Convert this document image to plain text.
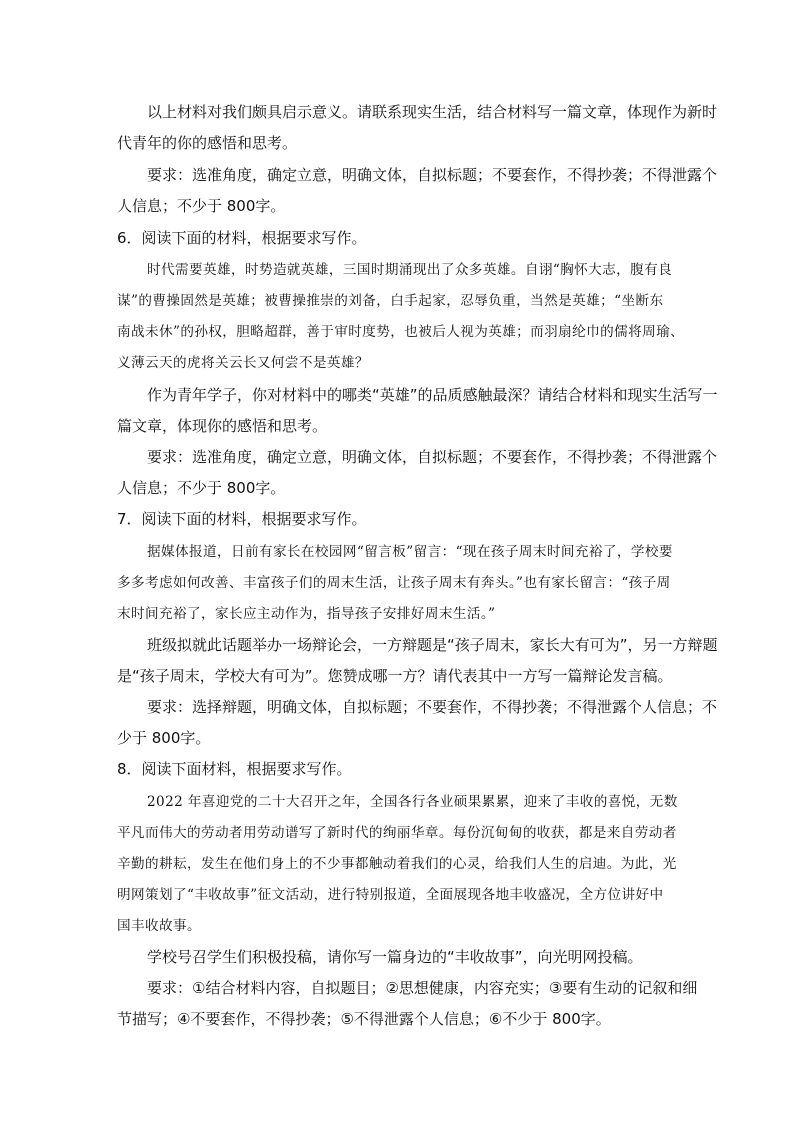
以上材料对我们颇具启示意义。请联系现实生活，结合材料写一篇文章，体现作为新时
代青年的你的感悟和思考。
要求：选准角度，确定立意，明确文体，自拟标题；不要套作，不得抄袭；不得泄露个
人信息；不少于 800字。
6．阅读下面的材料，根据要求写作。
时代需要英雄，时势造就英雄，三国时期涌现出了众多英雄。自诩“胸怀大志，腹有良
谋”的曹操固然是英雄；被曹操推崇的刘备，白手起家，忍辱负重，当然是英雄；“坐断东
南战未休”的孙权，胆略超群，善于审时度势，也被后人视为英雄；而羽扇纶巾的儒将周瑜、
义薄云天的虎将关云长又何尝不是英雄？
作为青年学子，你对材料中的哪类“英雄”的品质感触最深？请结合材料和现实生活写一
篇文章，体现你的感悟和思考。
要求：选准角度，确定立意，明确文体，自拟标题；不要套作，不得抄袭；不得泄露个
人信息；不少于 800字。
7．阅读下面的材料，根据要求写作。
据媒体报道，日前有家长在校园网“留言板”留言：“现在孩子周末时间充裕了，学校要
多多考虑如何改善、丰富孩子们的周末生活，让孩子周末有奔头。”也有家长留言：“孩子周
末时间充裕了，家长应主动作为，指导孩子安排好周末生活。”
班级拟就此话题举办一场辩论会，一方辩题是“孩子周末，家长大有可为”，另一方辩题
是“孩子周末，学校大有可为”。您赞成哪一方？请代表其中一方写一篇辩论发言稿。
要求：选择辩题，明确文体，自拟标题；不要套作，不得抄袭；不得泄露个人信息；不
少于 800字。
8．阅读下面材料，根据要求写作。
2022 年喜迎党的二十大召开之年，全国各行各业硕果累累，迎来了丰收的喜悦，无数
平凡而伟大的劳动者用劳动谱写了新时代的绚丽华章。每份沉甸甸的收获，都是来自劳动者
辛勤的耕耘，发生在他们身上的不少事都触动着我们的心灵，给我们人生的启迪。为此，光
明网策划了“丰收故事”征文活动，进行特别报道，全面展现各地丰收盛况，全方位讲好中
国丰收故事。
学校号召学生们积极投稿，请你写一篇身边的“丰收故事”，向光明网投稿。
要求：①结合材料内容，自拟题目；②思想健康，内容充实；③要有生动的记叙和细
节描写；④不要套作，不得抄袭；⑤不得泄露个人信息；⑥不少于 800字。
